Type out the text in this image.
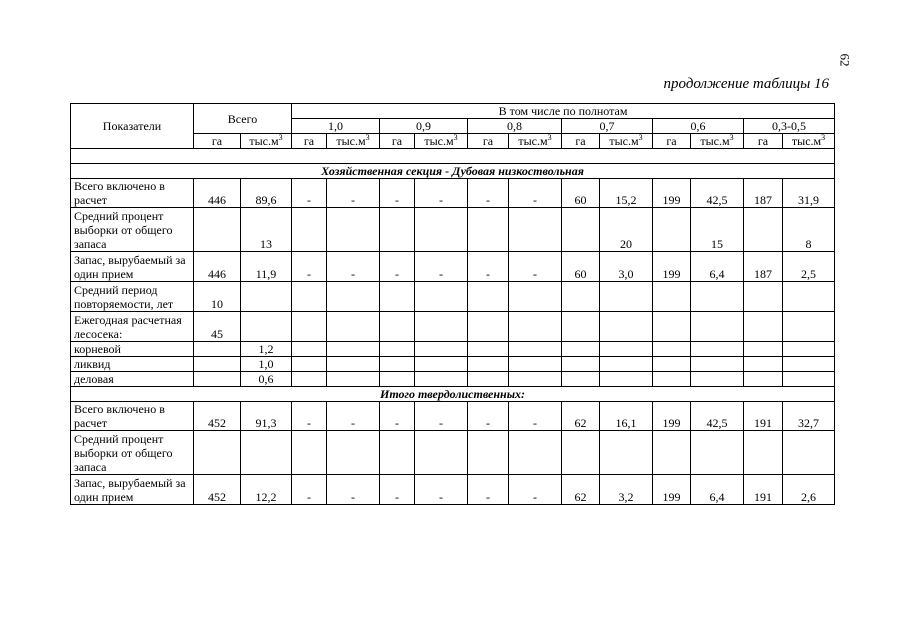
62
продолжение таблицы 16
Показатели	Всего		В том числе по полнотам											
			1,0		0,9		0,8		0,7		0,6		0,3-0,5	
	га	$тыс.м^3$	га	$тыс.м^3$	га	$тыс.м^3$	га	$тыс.м^3$	га	$тыс.м^3$	га	$тыс.м^3$	га	$тыс.м^3$

Хозяйственная секция - Дубовая низкоствольная														
Всего включено в расчет	446	89,6	-	-	-	-	-	-	60	15,2	199	42,5	187	31,9
Средний процент выборки от общего запаса		13								20		15		8
Запас, вырубаемый за один прием	446	11,9	-	-	-	-	-	-	60	3,0	199	6,4	187	2,5
Средний период повторяемости, лет	10													
Ежегодная расчетная лесосека:	45													
корневой		1,2												
ликвид		1,0												
деловая		0,6												
Итого твердолиственных:														
Всего включено в расчет	452	91,3	-	-	-	-	-	-	62	16,1	199	42,5	191	32,7
Средний процент выборки от общего запаса														
Запас, вырубаемый за один прием	452	12,2	-	-	-	-	-	-	62	3,2	199	6,4	191	2,6
